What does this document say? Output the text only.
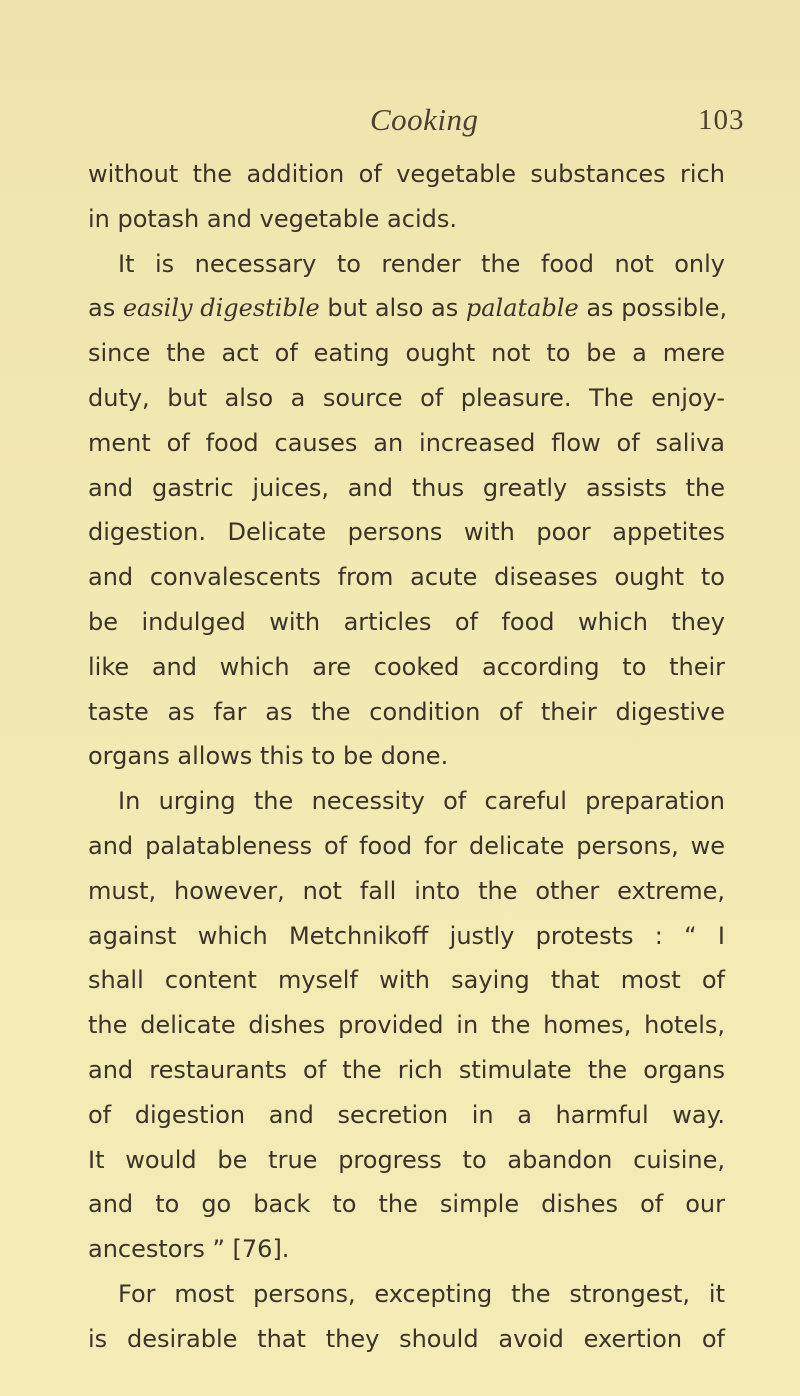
Cooking	103
without the addition of vegetable substances rich
in potash and vegetable acids.
It is necessary to render the food not only
as easily digestible but also as palatable as possible,
since the act of eating ought not to be a mere
duty, but also a source of pleasure. The enjoy-
ment of food causes an increased flow of saliva
and gastric juices, and thus greatly assists the
digestion. Delicate persons with poor appetites
and convalescents from acute diseases ought to
be indulged with articles of food which they
like and which are cooked according to their
taste as far as the condition of their digestive
organs allows this to be done.
In urging the necessity of careful preparation
and palatableness of food for delicate persons, we
must, however, not fall into the other extreme,
against which Metchnikoff justly protests : “ I
shall content myself with saying that most of
the delicate dishes provided in the homes, hotels,
and restaurants of the rich stimulate the organs
of digestion and secretion in a harmful way.
It would be true progress to abandon cuisine,
and to go back to the simple dishes of our
ancestors ” [76].
For most persons, excepting the strongest, it
is desirable that they should avoid exertion of
